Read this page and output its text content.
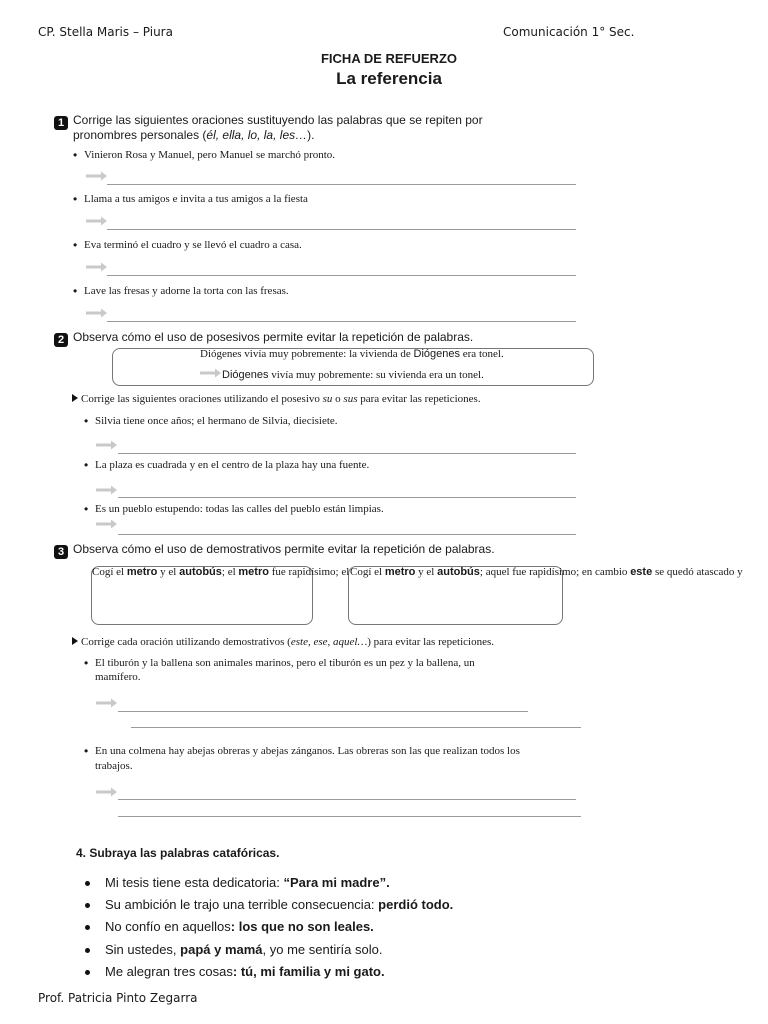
CP. Stella Maris – Piura	Comunicación 1° Sec.
FICHA DE REFUERZO
La referencia
1 Corrige las siguientes oraciones sustituyendo las palabras que se repiten por
pronombres personales (él, ella, lo, la, les…).
• Vinieron Rosa y Manuel, pero Manuel se marchó pronto.
• Llama a tus amigos e invita a tus amigos a la fiesta
• Eva terminó el cuadro y se llevó el cuadro a casa.
• Lave las fresas y adorne la torta con las fresas.
2 Observa cómo el uso de posesivos permite evitar la repetición de palabras.
Diógenes vivía muy pobremente: la vivienda de Diógenes era tonel.
Diógenes vivía muy pobremente: su vivienda era un tonel.
Corrige las siguientes oraciones utilizando el posesivo su o sus para evitar las repeticiones.
• Silvia tiene once años; el hermano de Silvia, diecisiete.
• La plaza es cuadrada y en el centro de la plaza hay una fuente.
• Es un pueblo estupendo: todas las calles del pueblo están limpias.
3 Observa cómo el uso de demostrativos permite evitar la repetición de palabras.
Cogí el metro y el autobús; el metro fue rapidísimo; el Cogí el metro y el autobús; aquel fue rapidísimo; en cambio este se quedó atascado y
Corrige cada oración utilizando demostrativos (este, ese, aquel…) para evitar las repeticiones.
• El tiburón y la ballena son animales marinos, pero el tiburón es un pez y la ballena, un
mamífero.
• En una colmena hay abejas obreras y abejas zánganos. Las obreras son las que realizan todos los
trabajos.
4. Subraya las palabras catafóricas.
Mi tesis tiene esta dedicatoria: “Para mi madre”.
Su ambición le trajo una terrible consecuencia: perdió todo.
No confío en aquellos: los que no son leales.
Sin ustedes, papá y mamá, yo me sentiría solo.
Me alegran tres cosas: tú, mi familia y mi gato.
Prof. Patricia Pinto Zegarra
